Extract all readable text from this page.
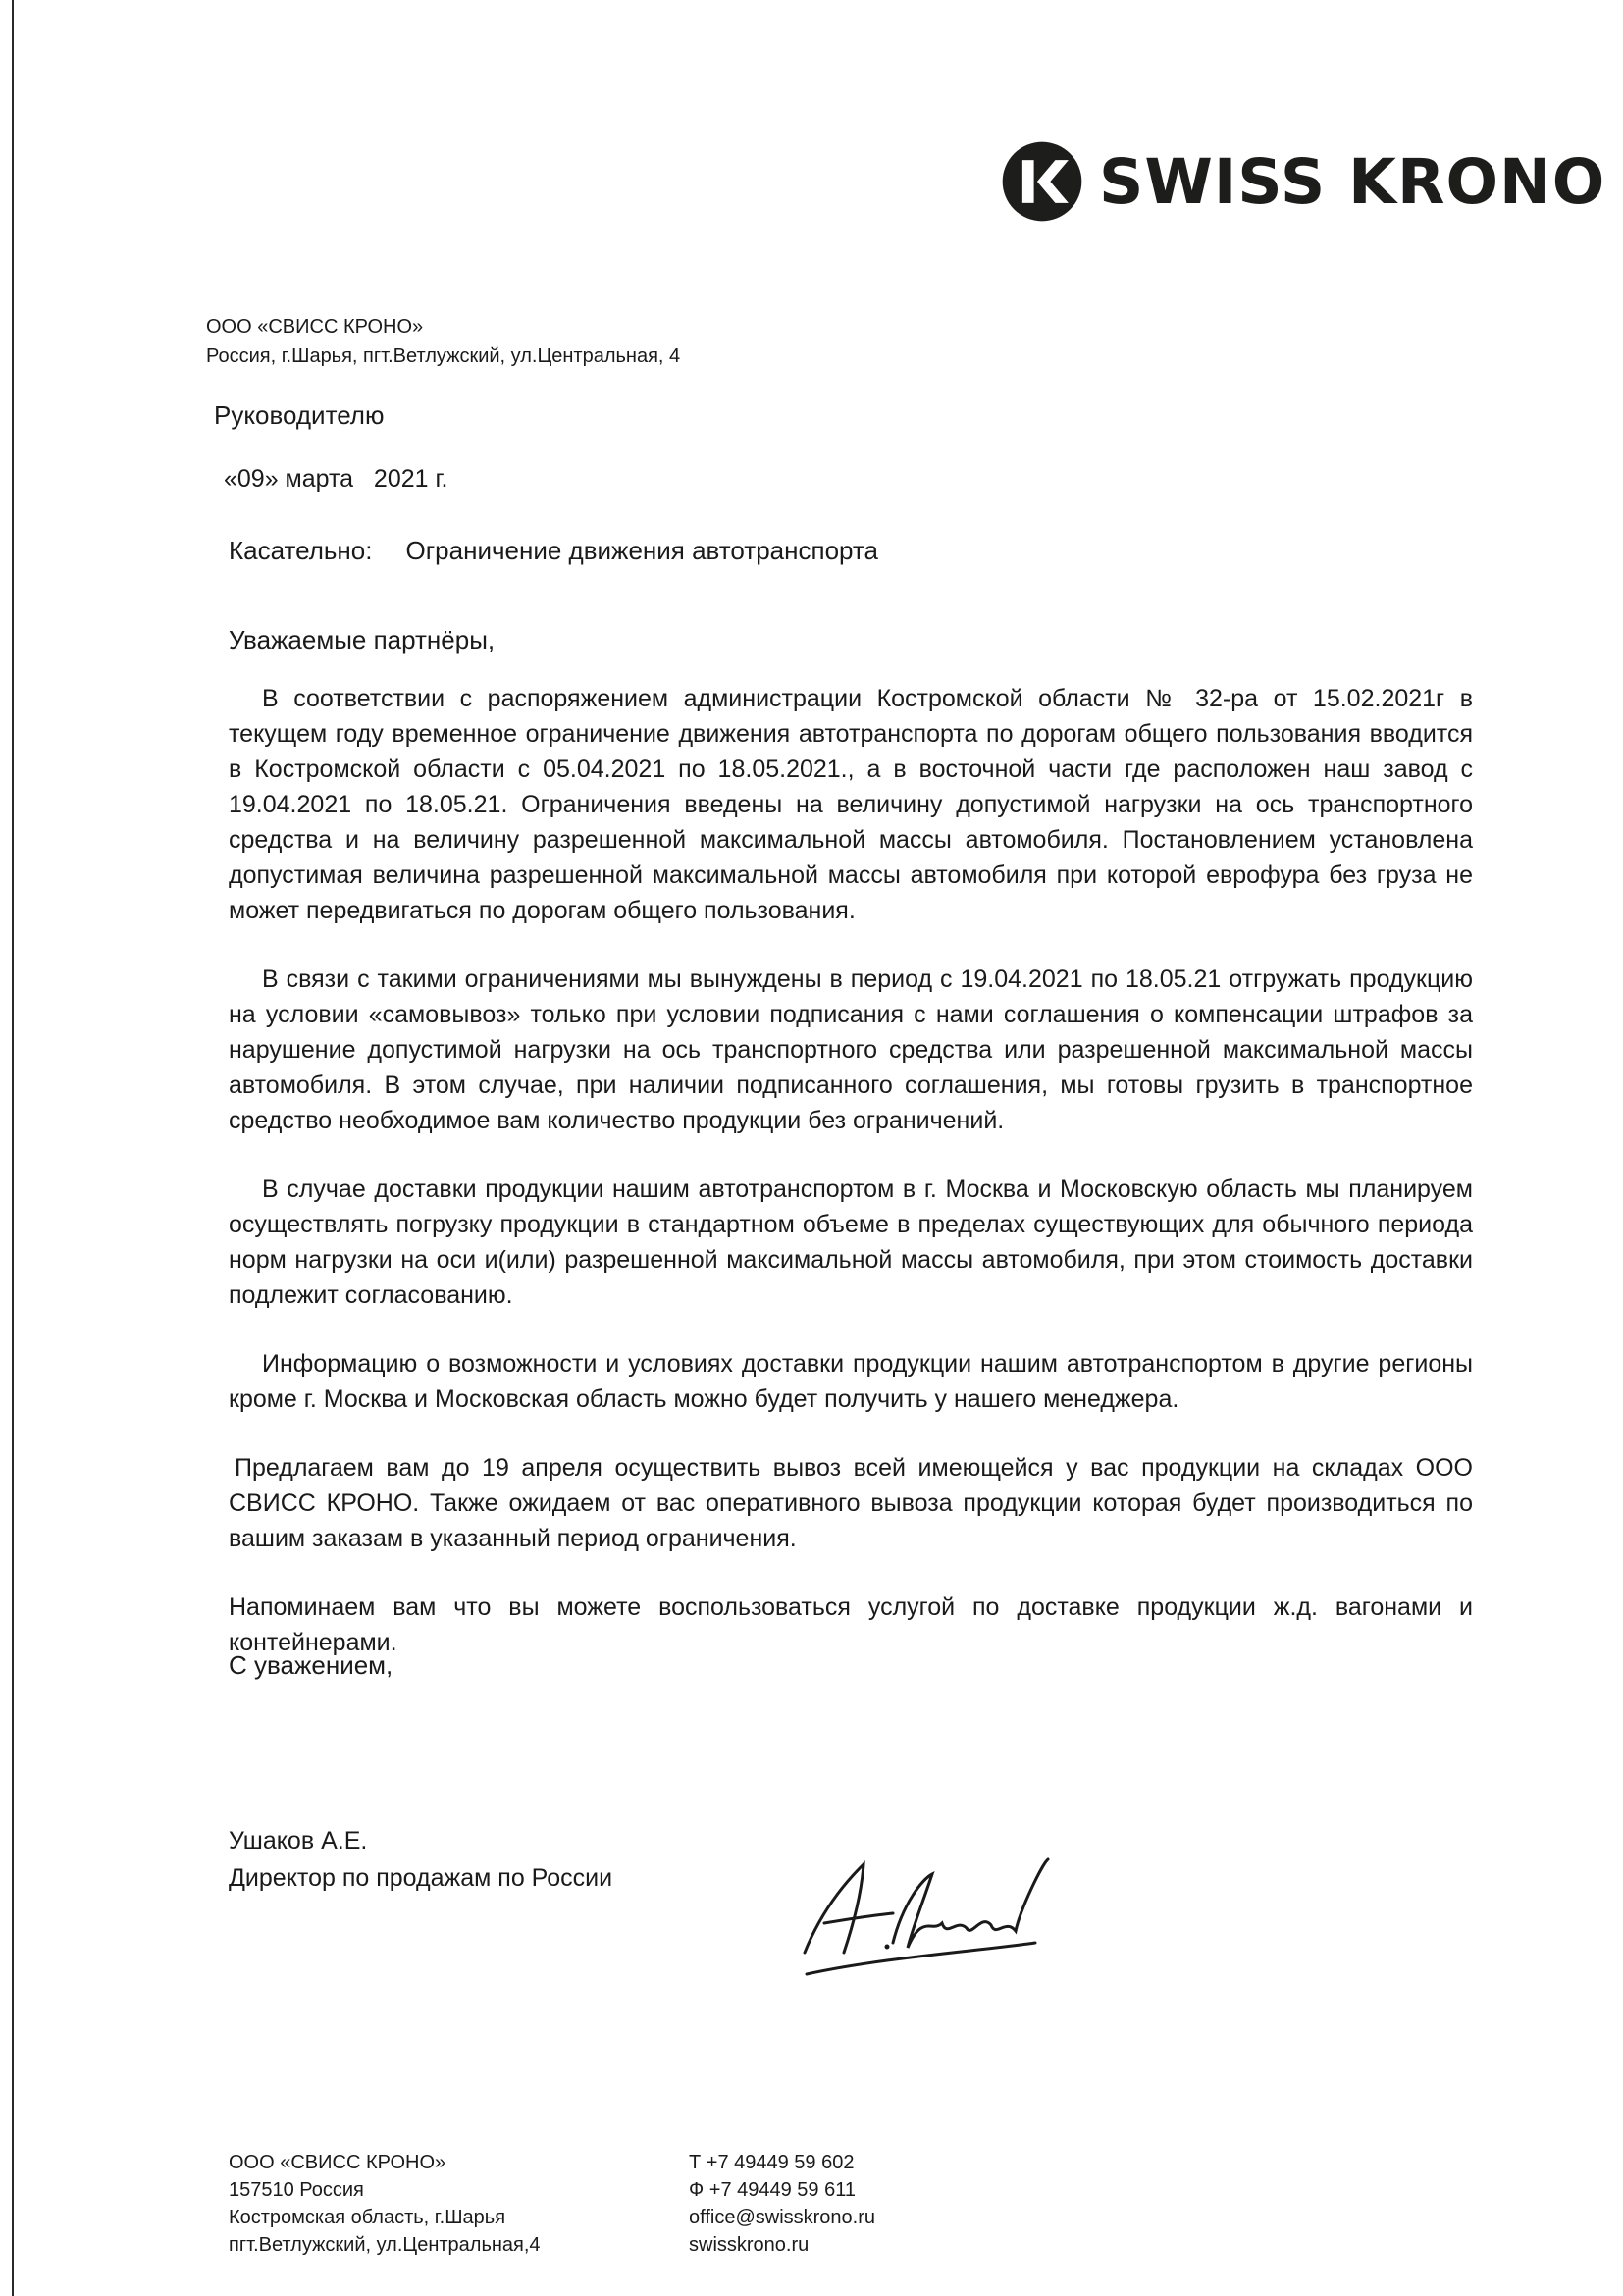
SWISS KRONO
ООО «СВИСС КРОНО»
Россия, г.Шарья, пгт.Ветлужский, ул.Центральная, 4
Руководителю
«09» марта   2021 г.
Касательно: Ограничение движения автотранспорта
Уважаемые партнёры,

В соответствии с распоряжением администрации Костромской области № 32-ра от 15.02.2021г в текущем году временное ограничение движения автотранспорта по дорогам общего пользования вводится в Костромской области с 05.04.2021 по 18.05.2021., а в восточной части где расположен наш завод с 19.04.2021 по 18.05.21. Ограничения введены на величину допустимой нагрузки на ось транспортного средства и на величину разрешенной максимальной массы автомобиля. Постановлением установлена допустимая величина разрешенной максимальной массы автомобиля при которой еврофура без груза не может передвигаться по дорогам общего пользования.

В связи с такими ограничениями мы вынуждены в период с 19.04.2021 по 18.05.21 отгружать продукцию на условии «самовывоз» только при условии подписания с нами соглашения о компенсации штрафов за нарушение допустимой нагрузки на ось транспортного средства или разрешенной максимальной массы автомобиля. В этом случае, при наличии подписанного соглашения, мы готовы грузить в транспортное средство необходимое вам количество продукции без ограничений.

В случае доставки продукции нашим автотранспортом в г. Москва и Московскую область мы планируем осуществлять погрузку продукции в стандартном объеме в пределах существующих для обычного периода норм нагрузки на оси и(или) разрешенной максимальной массы автомобиля, при этом стоимость доставки подлежит согласованию.

Информацию о возможности и условиях доставки продукции нашим автотранспортом в другие регионы кроме г. Москва и Московская область можно будет получить у нашего менеджера.

Предлагаем вам до 19 апреля осуществить вывоз всей имеющейся у вас продукции на складах ООО СВИСС КРОНО. Также ожидаем от вас оперативного вывоза продукции которая будет производиться по вашим заказам в указанный период ограничения.

Напоминаем вам что вы можете воспользоваться услугой по доставке продукции ж.д. вагонами и контейнерами.

С уважением,
Ушаков А.Е.
Директор по продажам по России
ООО «СВИСС КРОНО»
157510 Россия
Костромская область, г.Шарья
пгт.Ветлужский, ул.Центральная,4
Т +7 49449 59 602
Ф +7 49449 59 611
office@swisskrono.ru
swisskrono.ru
